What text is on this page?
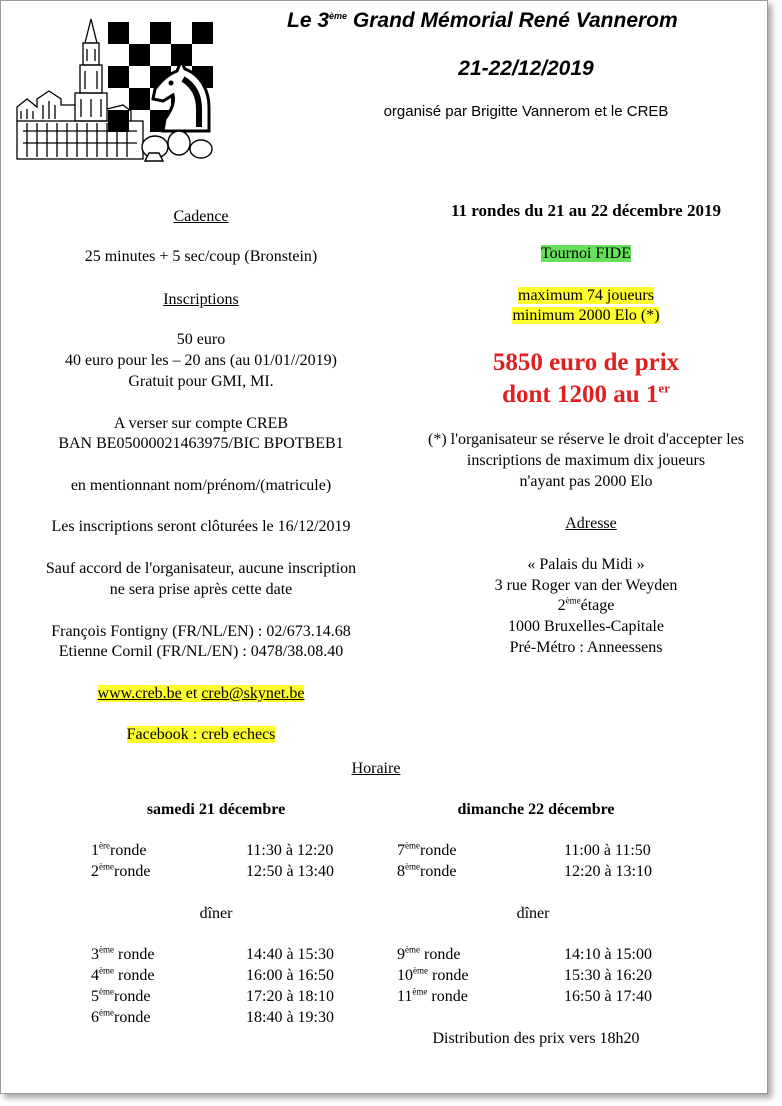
Le 3ème Grand Mémorial René Vannerom
21-22/12/2019
organisé par Brigitte Vannerom et le CREB
Cadence
25 minutes + 5 sec/coup (Bronstein)
Inscriptions
50 euro
40 euro pour les – 20 ans (au 01/01//2019)
Gratuit pour GMI, MI.
A verser sur compte CREB
BAN BE05000021463975/BIC BPOTBEB1
en mentionnant nom/prénom/(matricule)
Les inscriptions seront clôturées le 16/12/2019
Sauf accord de l'organisateur, aucune inscription
ne sera prise après cette date
François Fontigny (FR/NL/EN) : 02/673.14.68
Etienne Cornil (FR/NL/EN) : 0478/38.08.40
www.creb.be et creb@skynet.be
Facebook : creb echecs
11 rondes du 21 au 22 décembre 2019
Tournoi FIDE
maximum 74 joueurs
minimum 2000 Elo (*)
5850 euro de prix
dont 1200 au 1er
(*) l'organisateur se réserve le droit d'accepter les
inscriptions de maximum dix joueurs
n'ayant pas 2000 Elo
Adresse
« Palais du Midi »
3 rue Roger van der Weyden
2èmeétage
1000 Bruxelles-Capitale
Pré-Métro : Anneessens
Horaire
samedi 21 décembre	dimanche 22 décembre
1èreronde	11:30 à 12:20
2èmeronde	12:50 à 13:40
3ème ronde	14:40 à 15:30
4ème ronde	16:00 à 16:50
5èmeronde	17:20 à 18:10
6èmeronde	18:40 à 19:30
7èmeronde	11:00 à 11:50
8èmeronde	12:20 à 13:10
9ème ronde	14:10 à 15:00
10ème ronde	15:30 à 16:20
11ème ronde	16:50 à 17:40
dîner	dîner
Distribution des prix vers 18h20
